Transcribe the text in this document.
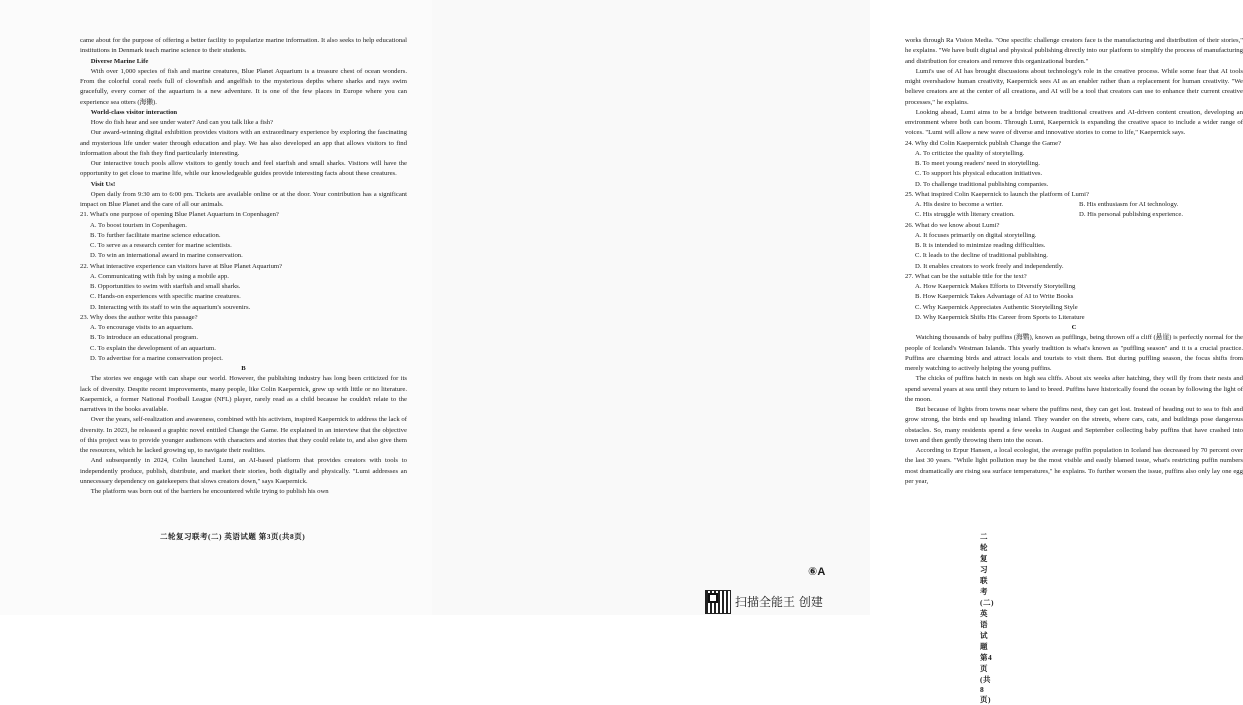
came about for the purpose of offering a better facility to popularize marine information. It also seeks to help educational institutions in Denmark teach marine science to their students.

Diverse Marine Life

With over 1,000 species of fish and marine creatures, Blue Planet Aquarium is a treasure chest of ocean wonders. From the colorful coral reefs full of clownfish and angelfish to the mysterious depths where sharks and rays swim gracefully, every corner of the aquarium is a new adventure. It is one of the few places in Europe where you can experience sea otters (海獭).

World-class visitor interaction

How do fish hear and see under water? And can you talk like a fish?

Our award-winning digital exhibition provides visitors with an extraordinary experience by exploring the fascinating and mysterious life under water through education and play. We has also developed an app that allows visitors to find information about the fish they find particularly interesting.

Our interactive touch pools allow visitors to gently touch and feel starfish and small sharks. Visitors will have the opportunity to get close to marine life, while our knowledgeable guides provide interesting facts about these creatures.

Visit Us!

Open daily from 9:30 am to 6:00 pm. Tickets are available online or at the door. Your contribution has a significant impact on Blue Planet and the care of all our animals.

21. What's one purpose of opening Blue Planet Aquarium in Copenhagen?

A. To boost tourism in Copenhagen.

B. To further facilitate marine science education.

C. To serve as a research center for marine scientists.

D. To win an international award in marine conservation.

22. What interactive experience can visitors have at Blue Planet Aquarium?

A. Communicating with fish by using a mobile app.

B. Opportunities to swim with starfish and small sharks.

C. Hands-on experiences with specific marine creatures.

D. Interacting with its staff to win the aquarium's souvenirs.

23. Why does the author write this passage?

A. To encourage visits to an aquarium.

B. To introduce an educational program.

C. To explain the development of an aquarium.

D. To advertise for a marine conservation project.

B

The stories we engage with can shape our world. However, the publishing industry has long been criticized for its lack of diversity. Despite recent improvements, many people, like Colin Kaepernick, grew up with little or no literature. Kaepernick, a former National Football League (NFL) player, rarely read as a child because he couldn't relate to the narratives in the books available.

Over the years, self-realization and awareness, combined with his activism, inspired Kaepernick to address the lack of diversity. In 2023, he released a graphic novel entitled Change the Game. He explained in an interview that the objective of this project was to provide younger audiences with characters and stories that they could relate to, and also give them the resources, which he lacked growing up, to navigate their realities.

And subsequently in 2024, Colin launched Lumi, an AI-based platform that provides creators with tools to independently produce, publish, distribute, and market their stories, both digitally and physically. "Lumi addresses an unnecessary dependency on gatekeepers that slows creators down," says Kaepernick.

The platform was born out of the barriers he encountered while trying to publish his own

二轮复习联考(二) 英语试题 第3页(共8页)

works through Ra Vision Media. "One specific challenge creators face is the manufacturing and distribution of their stories," he explains. "We have built digital and physical publishing directly into our platform to simplify the process of manufacturing and distribution for creators and remove this organizational burden."

Lumi's use of AI has brought discussions about technology's role in the creative process. While some fear that AI tools might overshadow human creativity, Kaepernick sees AI as an enabler rather than a replacement for human creativity. "We believe creators are at the center of all creations, and AI will be a tool that creators can use to enhance their current creative processes," he explains.

Looking ahead, Lumi aims to be a bridge between traditional creatives and AI-driven content creation, developing an environment where both can boom. Through Lumi, Kaepernick is expanding the creative space to include a wider range of voices. "Lumi will allow a new wave of diverse and innovative stories to come to life," Kaepernick says.

24. Why did Colin Kaepernick publish Change the Game?

A. To criticize the quality of storytelling.

B. To meet young readers' need in storytelling.

C. To support his physical education initiatives.

D. To challenge traditional publishing companies.

25. What inspired Colin Kaepernick to launch the platform of Lumi?

A. His desire to become a writer.	B. His enthusiasm for AI technology.
C. His struggle with literary creation.	D. His personal publishing experience.

26. What do we know about Lumi?

A. It focuses primarily on digital storytelling.

B. It is intended to minimize reading difficulties.

C. It leads to the decline of traditional publishing.

D. It enables creators to work freely and independently.

27. What can be the suitable title for the text?

A. How Kaepernick Makes Efforts to Diversify Storytelling

B. How Kaepernick Takes Advantage of AI to Write Books

C. Why Kaepernick Appreciates Authentic Storytelling Style

D. Why Kaepernick Shifts His Career from Sports to Literature

C

Watching thousands of baby puffins (海鹦), known as pufflings, being thrown off a cliff (悬崖) is perfectly normal for the people of Iceland's Westman Islands. This yearly tradition is what's known as "puffling season" and it is a crucial practice. Puffins are charming birds and attract locals and tourists to visit them. But during puffling season, the focus shifts from merely watching to actively helping the young puffins.

The chicks of puffins hatch in nests on high sea cliffs. About six weeks after hatching, they will fly from their nests and spend several years at sea until they return to land to breed. Puffins have historically found the ocean by following the light of the moon.

But because of lights from towns near where the puffins nest, they can get lost. Instead of heading out to sea to fish and grow strong, the birds end up heading inland. They wander on the streets, where cars, cats, and buildings pose dangerous obstacles. So, many residents spend a few weeks in August and September collecting baby puffins that have crashed into town and then gently throwing them into the ocean.

According to Erpur Hansen, a local ecologist, the average puffin population in Iceland has decreased by 70 percent over the last 30 years. "While light pollution may be the most visible and easily blamed issue, what's restricting puffin numbers most dramatically are rising sea surface temperatures," he explains. To further worsen the issue, puffins also only lay one egg per year,

二轮复习联考(二) 英语试题 第4页(共8页)
⑥A
扫描全能王 创建
